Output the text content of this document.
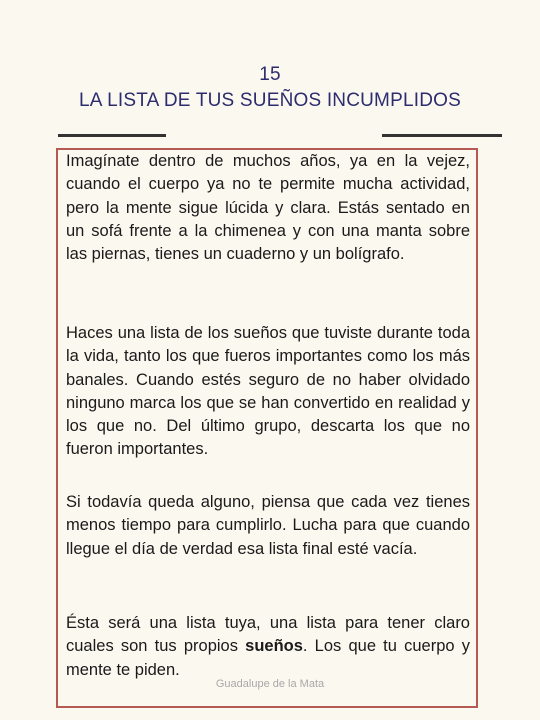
15
LA LISTA DE TUS SUEÑOS INCUMPLIDOS

Imagínate dentro de muchos años, ya en la vejez, cuando el cuerpo ya no te permite mucha actividad, pero la mente sigue lúcida y clara. Estás sentado en un sofá frente a la chimenea y con una manta sobre las piernas, tienes un cuaderno y un bolígrafo.

Haces una lista de los sueños que tuviste durante toda la vida, tanto los que fueros importantes como los más banales. Cuando estés seguro de no haber olvidado ninguno marca los que se han convertido en realidad y los que no. Del último grupo, descarta los que no fueron importantes.

Si todavía queda alguno, piensa que cada vez tienes menos tiempo para cumplirlo. Lucha para que cuando llegue el día de verdad esa lista final esté vacía.

Ésta será una lista tuya, una lista para tener claro cuales son tus propios sueños. Los que tu cuerpo y mente te piden.

Guadalupe de la Mata
